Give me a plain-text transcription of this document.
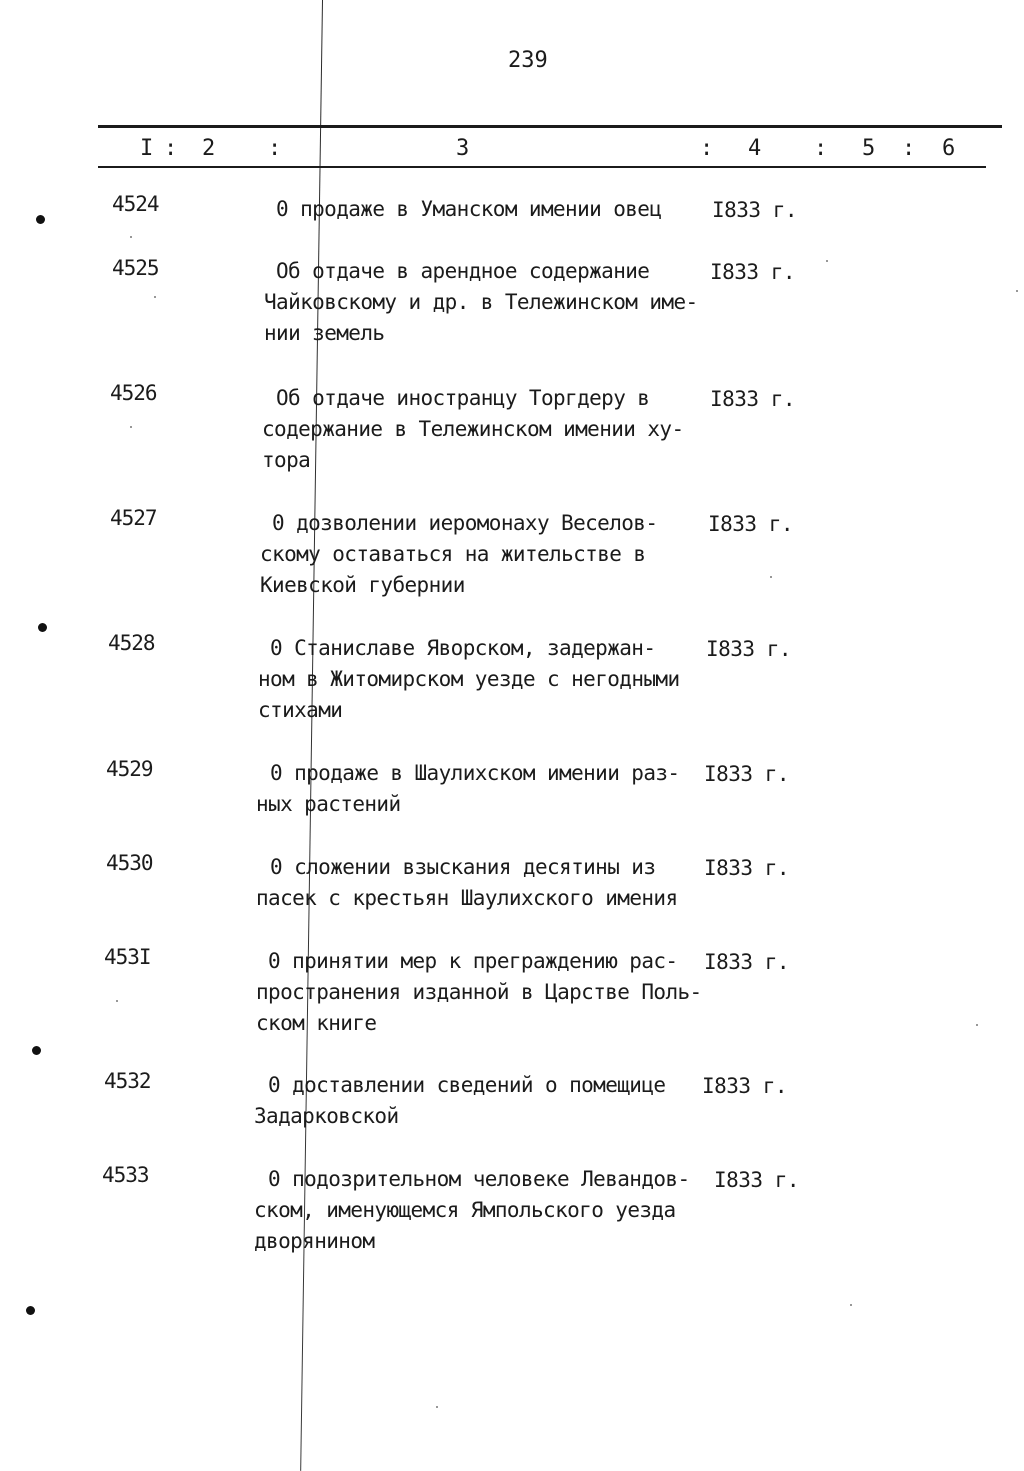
239
I : 2 :	3	: 4 : 5 : 6
4524	0 продаже в Уманском имении овец I833 г.
4525	Об отдаче в арендное содержание
Чайковскому и др. в Тележинском име-
нии земель
I833 г.
4526	Об отдаче иностранцу Торгдеру в
содержание в Тележинском имении ху-
тора
I833 г.
4527	0 дозволении иеромонаху Веселов-
скому оставаться на жительстве в
Киевской губернии
I833 г.
4528	0 Станиславе Яворском, задержан-
ном в Житомирском уезде с негодными
стихами
I833 г.
4529	0 продаже в Шаулихском имении раз-
ных растений
I833 г.
4530	0 сложении взыскания десятины из
пасек с крестьян Шаулихского имения
I833 г.
453I	0 принятии мер к преграждению рас-
пространения изданной в Царстве Поль-
ском книге
I833 г.
4532	0 доставлении сведений о помещице
Задарковской
I833 г.
4533	0 подозрительном человеке Левандов-
ском, именующемся Ямпольского уезда
дворянином
I833 г.
